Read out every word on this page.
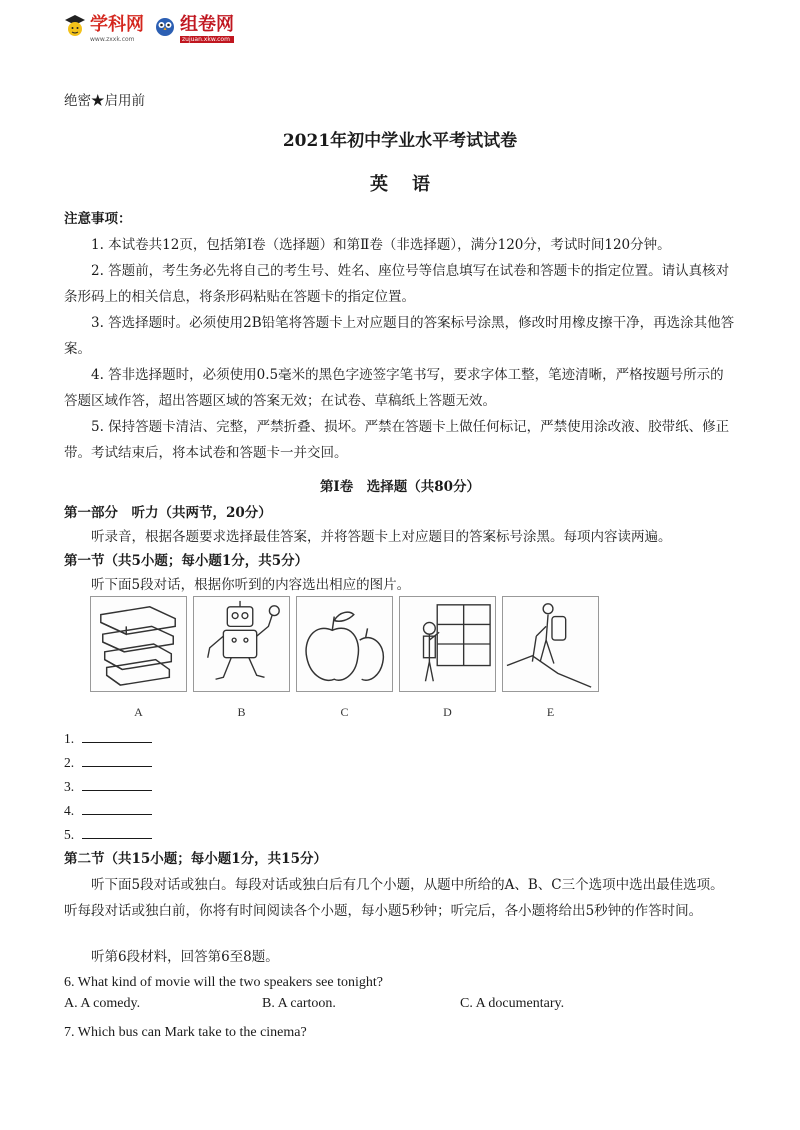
学科网
www.zxxk.com
组卷网
zujuan.xkw.com
绝密★启用前
2021年初中学业水平考试试卷
英语
注意事项：
1. 本试卷共12页，包括第Ⅰ卷（选择题）和第Ⅱ卷（非选择题），满分120分，考试时间120分钟。
2. 答题前，考生务必先将自己的考生号、姓名、座位号等信息填写在试卷和答题卡的指定位置。请认真核对条形码上的相关信息，将条形码粘贴在答题卡的指定位置。
3. 答选择题时。必须使用2B铅笔将答题卡上对应题目的答案标号涂黑，修改时用橡皮擦干净，再选涂其他答案。
4. 答非选择题时，必须使用0.5毫米的黑色字迹签字笔书写，要求字体工整，笔迹清晰，严格按题号所示的答题区域作答，超出答题区域的答案无效；在试卷、草稿纸上答题无效。
5. 保持答题卡清洁、完整，严禁折叠、损坏。严禁在答题卡上做任何标记，严禁使用涂改液、胶带纸、修正带。考试结束后，将本试卷和答题卡一并交回。
第Ⅰ卷　选择题（共80分）
第一部分　听力（共两节，20分）
听录音，根据各题要求选择最佳答案，并将答题卡上对应题目的答案标号涂黑。每项内容读两遍。
第一节（共5小题；每小题1分，共5分）
听下面5段对话，根据你听到的内容选出相应的图片。
1.
2.
3.
4.
5.
第二节（共15小题；每小题1分，共15分）
听下面5段对话或独白。每段对话或独白后有几个小题，从题中所给的A、B、C三个选项中选出最佳选项。听每段对话或独白前，你将有时间阅读各个小题，每小题5秒钟；听完后，各小题将给出5秒钟的作答时间。
听第6段材料，回答第6至8题。
6. What kind of movie will the two speakers see tonight?
A. A comedy.	B. A cartoon.	C. A documentary.
7. Which bus can Mark take to the cinema?
A	B	C	D	E
